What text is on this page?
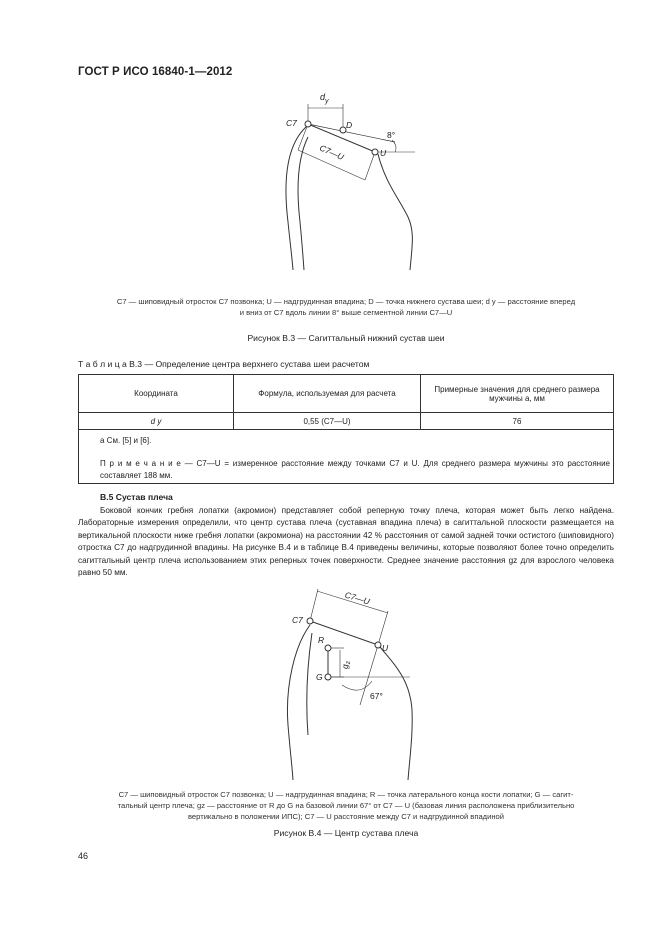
ГОСТ Р ИСО 16840-1—2012
$d_y$
C7	D
U
8°
C7—U
C7 — шиповидный отросток C7 позвонка; U — надгрудинная впадина; D — точка нижнего сустава шеи; d y — расстояние вперед
и вниз от C7 вдоль линии 8° выше сегментной линии C7—U
Рисунок В.3 — Сагиттальный нижний сустав шеи
Т а б л и ц а В.3 — Определение центра верхнего сустава шеи расчетом
Координата	Формула, используемая для расчета	Примерные значения для среднего размера мужчины a, мм
d y	0,55 (C7—U)	76
a См. [5] и [6].
П р и м е ч а н и е — C7—U = измеренное расстояние между точками C7 и U. Для среднего размера мужчины это расстояние составляет 188 мм.
В.5 Сустав плеча
Боковой кончик гребня лопатки (акромион) представляет собой реперную точку плеча, которая может быть легко найдена. Лабораторные измерения определили, что центр сустава плеча (суставная впадина плеча) в сагиттальной плоскости размещается на вертикальной плоскости ниже гребня лопатки (акромиона) на расстоянии 42 % расстояния от самой задней точки остистого (шиповидного) отростка C7 до надгрудинной впадины. На рисунке В.4 и в таблице В.4 приведены величины, которые позволяют более точно определить сагиттальный центр плеча использованием этих реперных точек поверхности. Среднее значение расстояния gz для взрослого человека равно 50 мм.
C7—U
C7
R
U
$g_z$
G
67°
C7 — шиповидный отросток C7 позвонка; U — надгрудинная впадина; R — точка латерального конца кости лопатки; G — сагит-
тальный центр плеча; gz — расстояние от R до G на базовой линии 67° от C7 — U (базовая линия расположена приблизительно
вертикально в положении ИПС); C7 — U расстояние между C7 и надгрудинной впадиной
Рисунок В.4 — Центр сустава плеча
46
